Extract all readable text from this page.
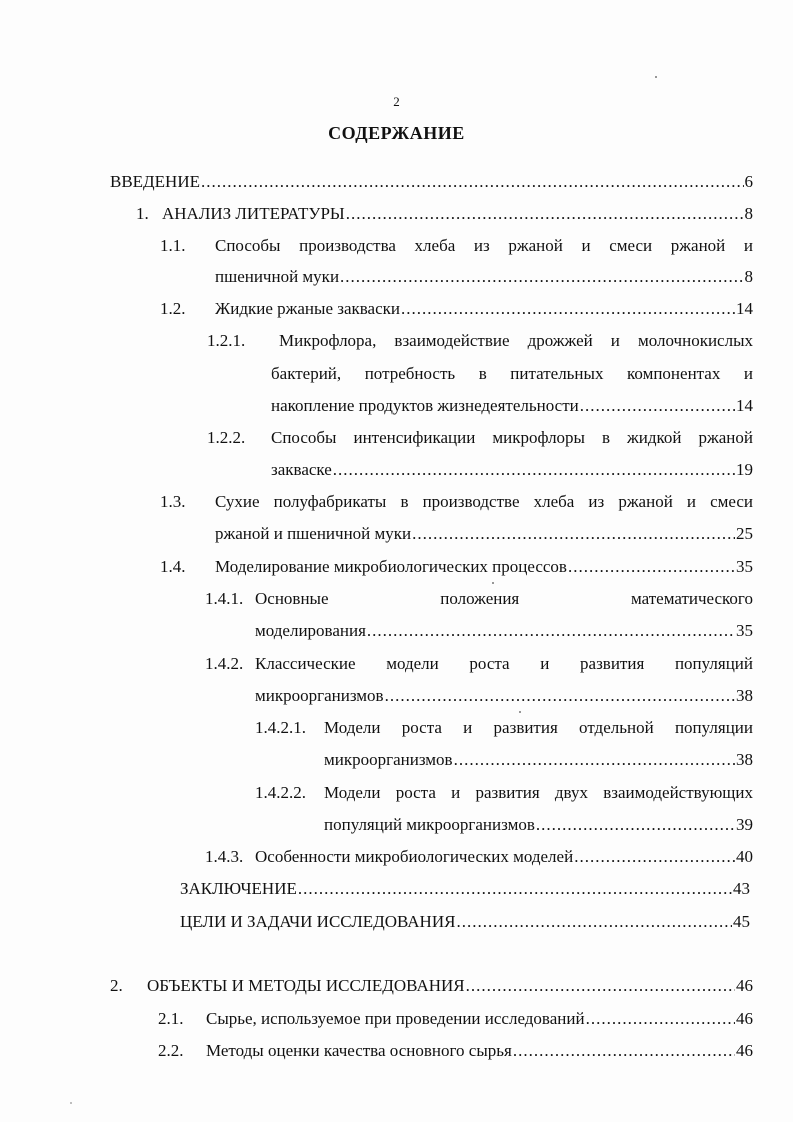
2
СОДЕРЖАНИЕ
ВВЕДЕНИЕ .....	6
1. АНАЛИЗ ЛИТЕРАТУРЫ .....	8
1.1. Способы производства хлеба из ржаной и смеси ржаной и
пшеничной муки .....	8
1.2.	Жидкие ржаные закваски .....	14
1.2.1. Микрофлора, взаимодействие дрожжей и молочнокислых
бактерий, потребность в питательных компонентах и
накопление продуктов жизнедеятельности .....	14
1.2.2. Способы интенсификации микрофлоры в жидкой ржаной
закваске .....	19
1.3. Сухие полуфабрикаты в производстве хлеба из ржаной и смеси
ржаной и пшеничной муки .....	25
1.4.	Моделирование микробиологических процессов .....	35
1.4.1. Основные положения математического
моделирования .....	35
1.4.2. Классические модели роста и развития популяций
микроорганизмов .....	38
1.4.2.1. Модели роста и развития отдельной популяции
микроорганизмов .....	38
1.4.2.2. Модели роста и развития двух взаимодействующих
популяций микроорганизмов .....	39
1.4.3. Особенности микробиологических моделей .....	40
ЗАКЛЮЧЕНИЕ .....	43
ЦЕЛИ И ЗАДАЧИ ИССЛЕДОВАНИЯ .....	45
2.	ОБЪЕКТЫ И МЕТОДЫ ИССЛЕДОВАНИЯ .....	46
2.1.	Сырье, используемое при проведении исследований .....	46
2.2.	Методы оценки качества основного сырья .....	46
